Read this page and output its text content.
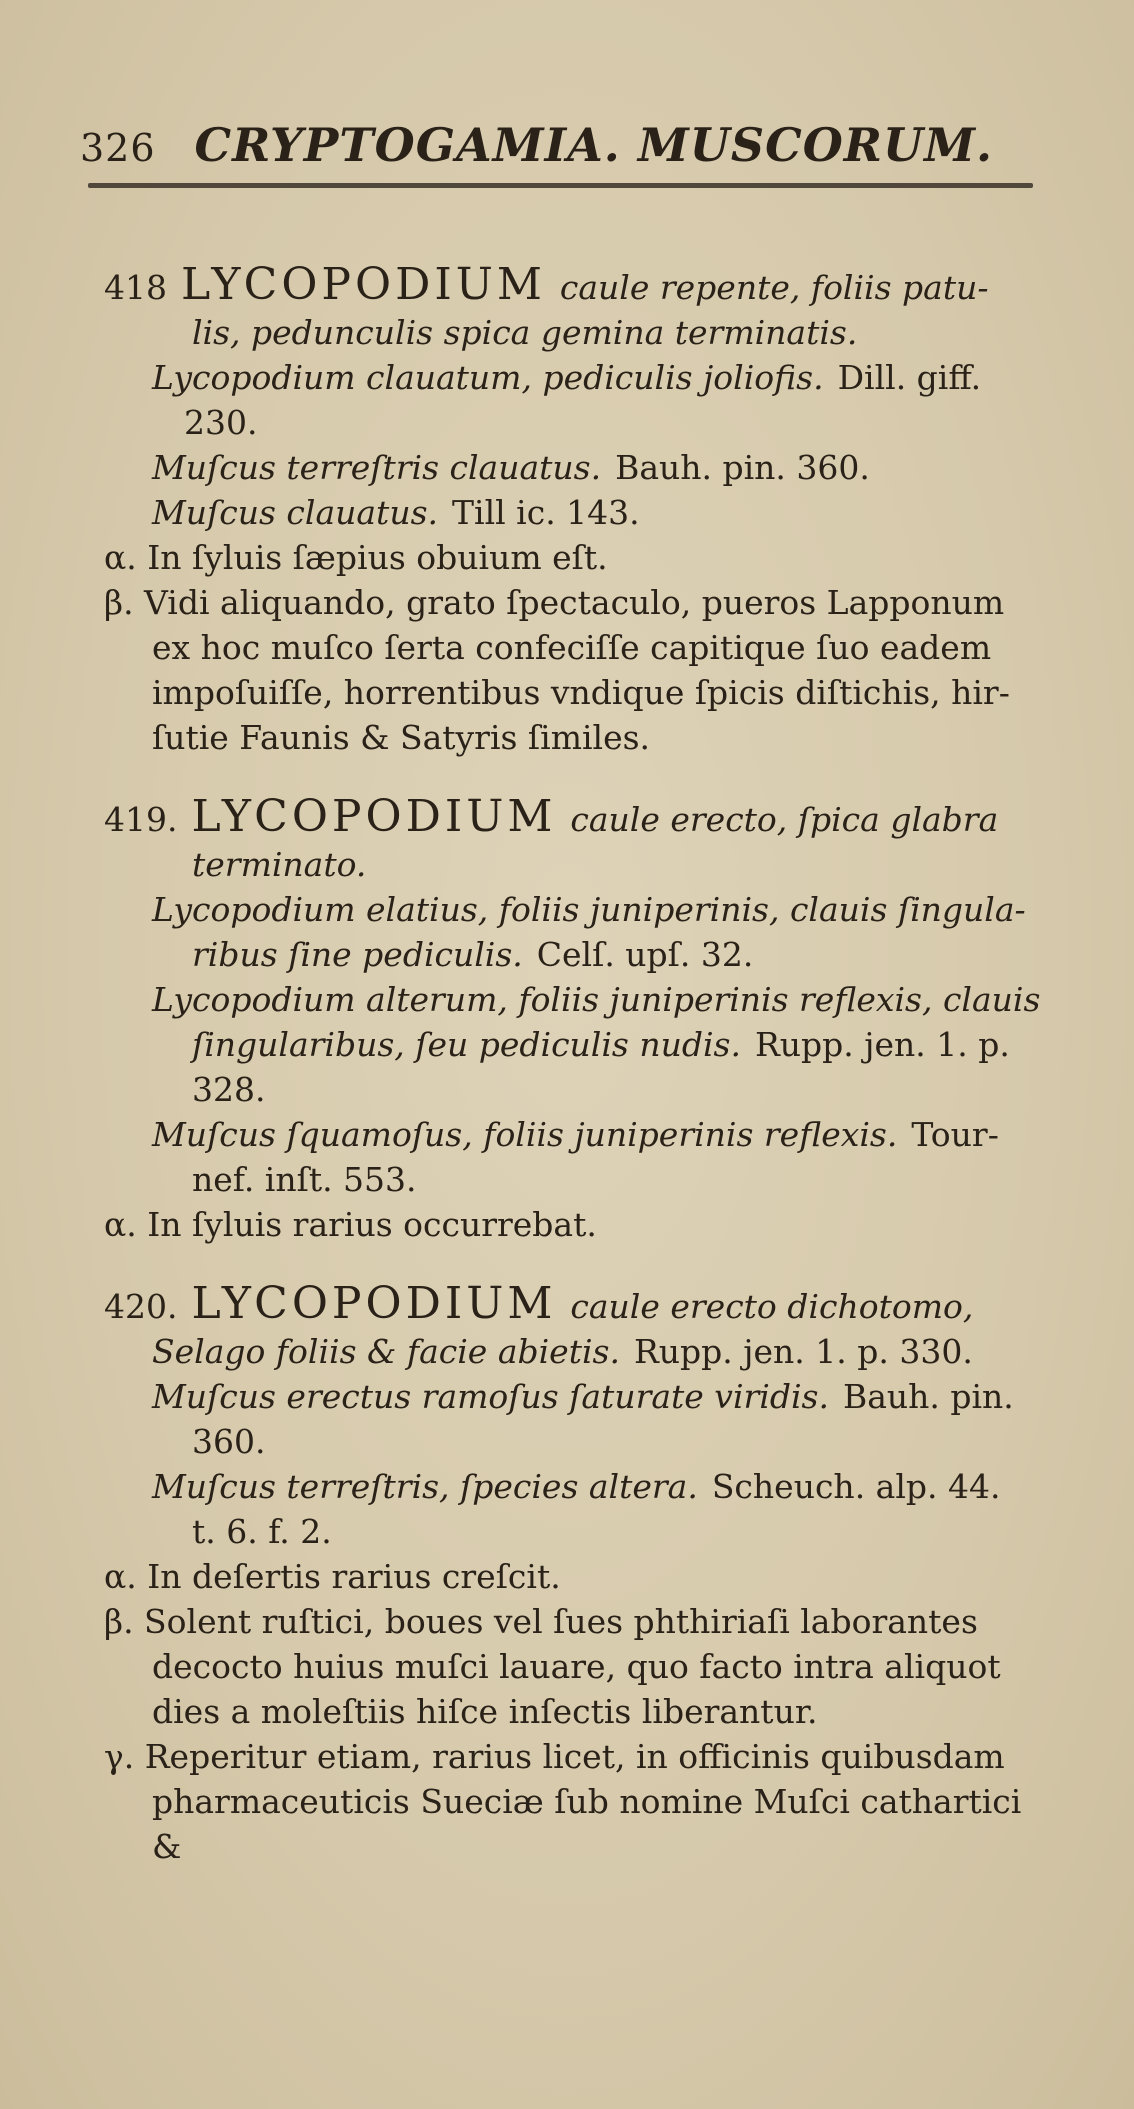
326 CRYPTOGAMIA. MUSCORUM.
418 LYCOPODIUM caule repente, foliis patu-
lis, pedunculis spica gemina terminatis.
Lycopodium clauatum, pediculis joliofis. Dill. giff.
230.
Muſcus terreſtris clauatus. Bauh. pin. 360.
Muſcus clauatus. Till ic. 143.
α. In ſyluis ſæpius obuium eſt.
β. Vidi aliquando, grato ſpectaculo, pueros Lapponum
ex hoc muſco ſerta confeciſſe capitique ſuo eadem
impoſuiſſe, horrentibus vndique ſpicis diſtichis, hir-
ſutie Faunis & Satyris ſimiles.
419. LYCOPODIUM caule erecto, ſpica glabra
terminato.
Lycopodium elatius, foliis juniperinis, clauis ſingula-
ribus ſine pediculis. Celſ. upſ. 32.
Lycopodium alterum, foliis juniperinis reflexis, clauis
ſingularibus, ſeu pediculis nudis. Rupp. jen. 1. p.
328.
Muſcus ſquamoſus, foliis juniperinis reflexis. Tour-
nef. inſt. 553.
α. In ſyluis rarius occurrebat.
420. LYCOPODIUM caule erecto dichotomo,
Selago foliis & facie abietis. Rupp. jen. 1. p. 330.
Muſcus erectus ramoſus ſaturate viridis. Bauh. pin.
360.
Muſcus terreſtris, ſpecies altera. Scheuch. alp. 44.
t. 6. f. 2.
α. In deſertis rarius creſcit.
β. Solent ruſtici, boues vel ſues phthiriaſi laborantes
decocto huius muſci lauare, quo facto intra aliquot
dies a moleſtiis hiſce inſectis liberantur.
γ. Reperitur etiam, rarius licet, in officinis quibusdam
pharmaceuticis Sueciæ ſub nomine Muſci cathartici
&
